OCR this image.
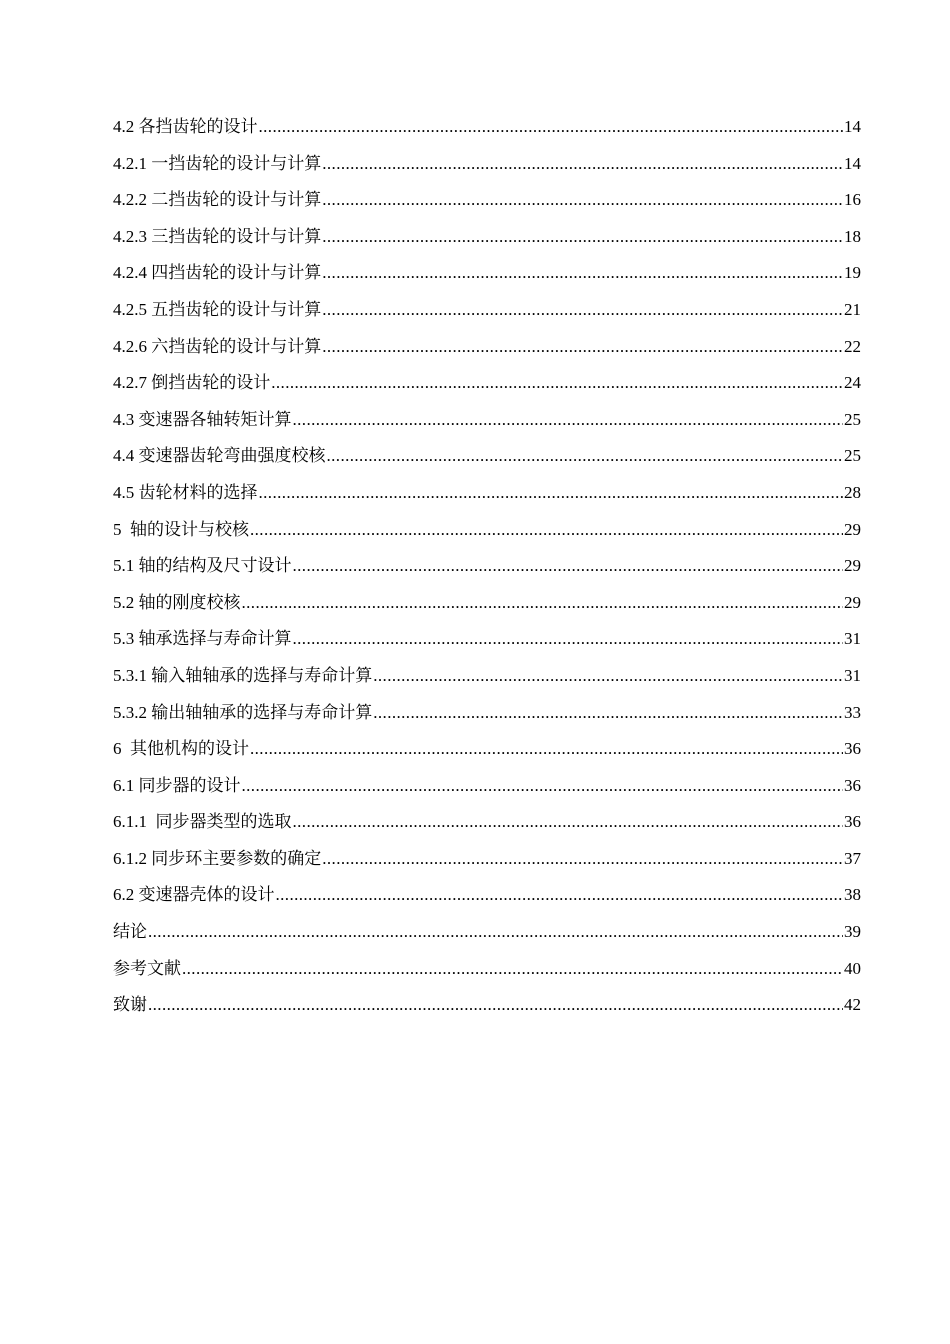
4.2 各挡齿轮的设计 .....	14
4.2.1 一挡齿轮的设计与计算 .....	14
4.2.2 二挡齿轮的设计与计算 .....	16
4.2.3 三挡齿轮的设计与计算 .....	18
4.2.4 四挡齿轮的设计与计算 .....	19
4.2.5 五挡齿轮的设计与计算 .....	21
4.2.6 六挡齿轮的设计与计算 .....	22
4.2.7 倒挡齿轮的设计 .....	24
4.3 变速器各轴转矩计算 .....	25
4.4 变速器齿轮弯曲强度校核 .....	25
4.5 齿轮材料的选择 .....	28
5  轴的设计与校核 .....	29
5.1 轴的结构及尺寸设计 .....	29
5.2 轴的刚度校核 .....	29
5.3 轴承选择与寿命计算 .....	31
5.3.1 输入轴轴承的选择与寿命计算 .....	31
5.3.2 输出轴轴承的选择与寿命计算 .....	33
6  其他机构的设计 .....	36
6.1 同步器的设计 .....	36
6.1.1  同步器类型的选取 .....	36
6.1.2 同步环主要参数的确定 .....	37
6.2 变速器壳体的设计 .....	38
结论 .....	39
参考文献 .....	40
致谢 .....	42
